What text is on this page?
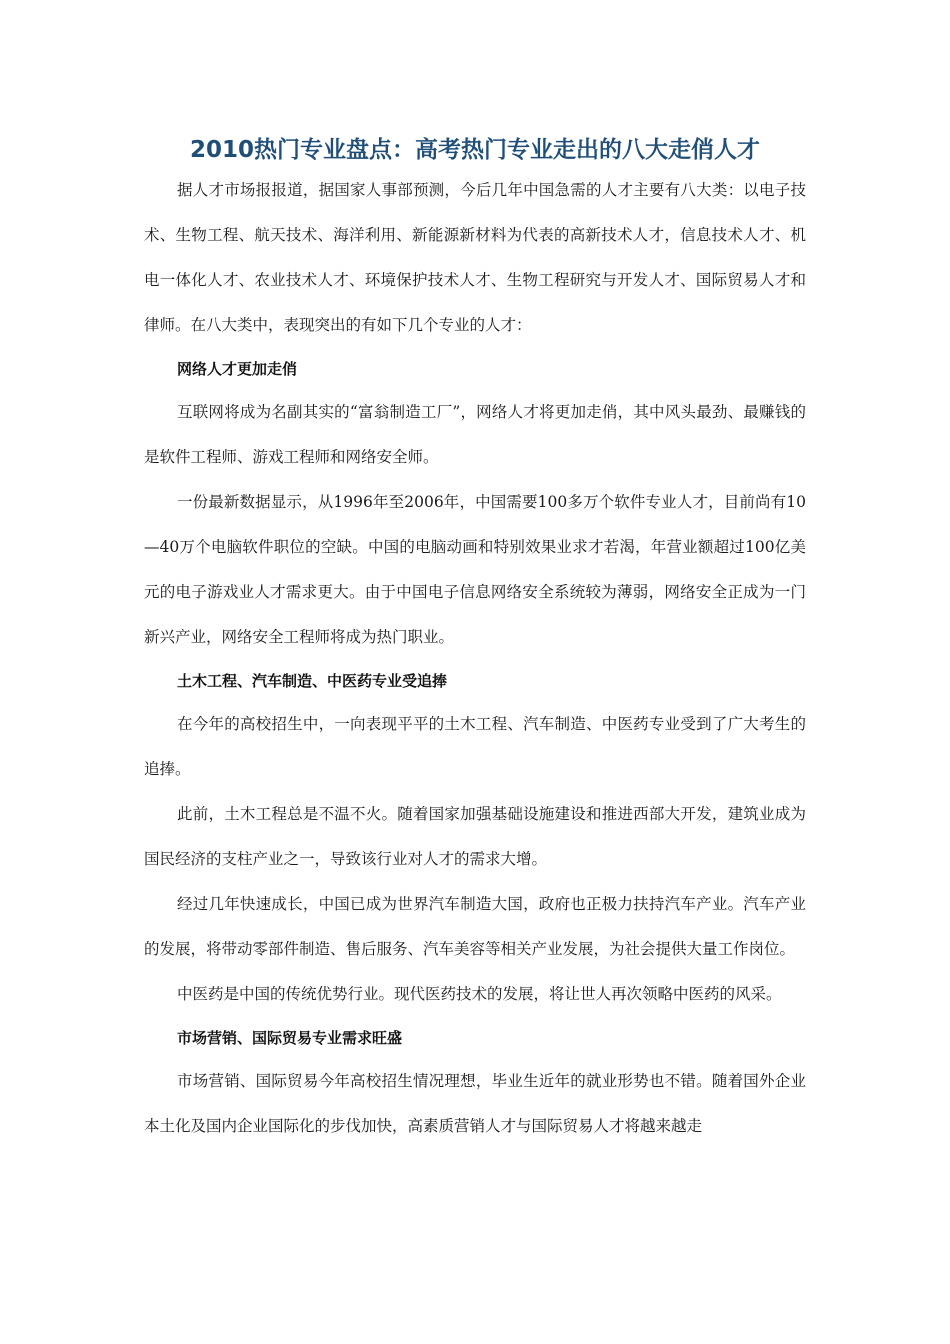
2010热门专业盘点：高考热门专业走出的八大走俏人才

据人才市场报报道，据国家人事部预测，今后几年中国急需的人才主要有八大类：以电子技术、生物工程、航天技术、海洋利用、新能源新材料为代表的高新技术人才，信息技术人才、机电一体化人才、农业技术人才、环境保护技术人才、生物工程研究与开发人才、国际贸易人才和律师。在八大类中，表现突出的有如下几个专业的人才：

网络人才更加走俏

互联网将成为名副其实的“富翁制造工厂”，网络人才将更加走俏，其中风头最劲、最赚钱的是软件工程师、游戏工程师和网络安全师。

一份最新数据显示，从1996年至2006年，中国需要100多万个软件专业人才，目前尚有10—40万个电脑软件职位的空缺。中国的电脑动画和特别效果业求才若渴，年营业额超过100亿美元的电子游戏业人才需求更大。由于中国电子信息网络安全系统较为薄弱，网络安全正成为一门新兴产业，网络安全工程师将成为热门职业。

土木工程、汽车制造、中医药专业受追捧

在今年的高校招生中，一向表现平平的土木工程、汽车制造、中医药专业受到了广大考生的追捧。

此前，土木工程总是不温不火。随着国家加强基础设施建设和推进西部大开发，建筑业成为国民经济的支柱产业之一，导致该行业对人才的需求大增。

经过几年快速成长，中国已成为世界汽车制造大国，政府也正极力扶持汽车产业。汽车产业的发展，将带动零部件制造、售后服务、汽车美容等相关产业发展，为社会提供大量工作岗位。

中医药是中国的传统优势行业。现代医药技术的发展，将让世人再次领略中医药的风采。

市场营销、国际贸易专业需求旺盛

市场营销、国际贸易今年高校招生情况理想，毕业生近年的就业形势也不错。随着国外企业本土化及国内企业国际化的步伐加快，高素质营销人才与国际贸易人才将越来越走
